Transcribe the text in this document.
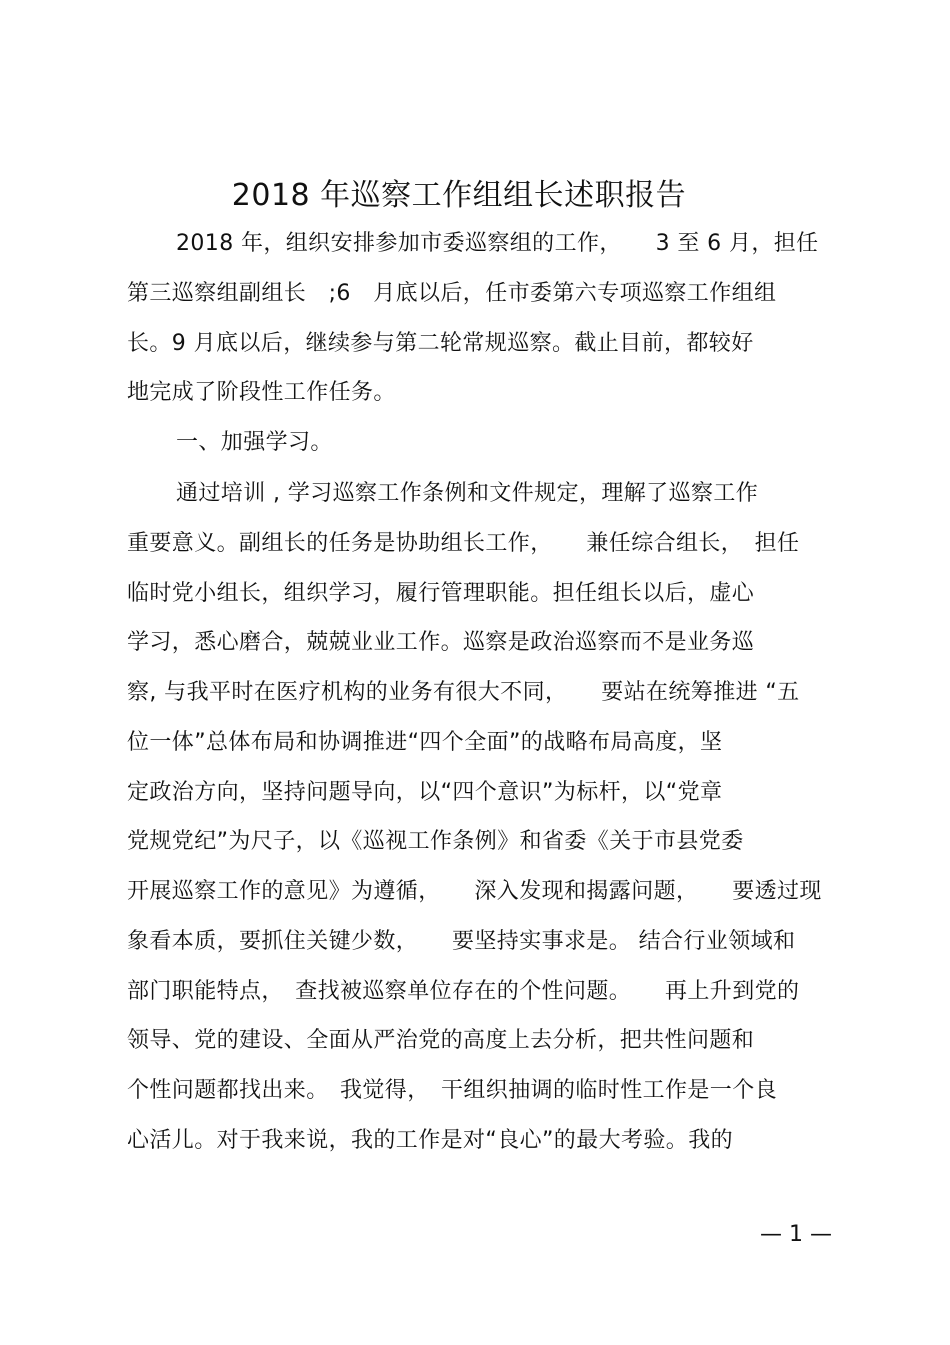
2018 年巡察工作组组长述职报告
2018 年，组织安排参加市委巡察组的工作，　　3 至 6 月，担任
第三巡察组副组长　;6　月底以后，任市委第六专项巡察工作组组
长。9 月底以后，继续参与第二轮常规巡察。截止目前，都较好
地完成了阶段性工作任务。
一、加强学习。
通过培训 , 学习巡察工作条例和文件规定，理解了巡察工作
重要意义。副组长的任务是协助组长工作，　　兼任综合组长，　担任
临时党小组长，组织学习，履行管理职能。担任组长以后，虚心
学习，悉心磨合，兢兢业业工作。巡察是政治巡察而不是业务巡
察, 与我平时在医疗机构的业务有很大不同，　　要站在统筹推进 “五
位一体”总体布局和协调推进“四个全面”的战略布局高度，坚
定政治方向，坚持问题导向，以“四个意识”为标杆，以“党章
党规党纪”为尺子，以《巡视工作条例》和省委《关于市县党委
开展巡察工作的意见》为遵循，　　深入发现和揭露问题，　　要透过现
象看本质，要抓住关键少数，　　要坚持实事求是。 结合行业领域和
部门职能特点，　查找被巡察单位存在的个性问题。　　再上升到党的
领导、党的建设、全面从严治党的高度上去分析，把共性问题和
个性问题都找出来。　我觉得，　干组织抽调的临时性工作是一个良
心活儿。对于我来说，我的工作是对“良心”的最大考验。我的
— 1 —
